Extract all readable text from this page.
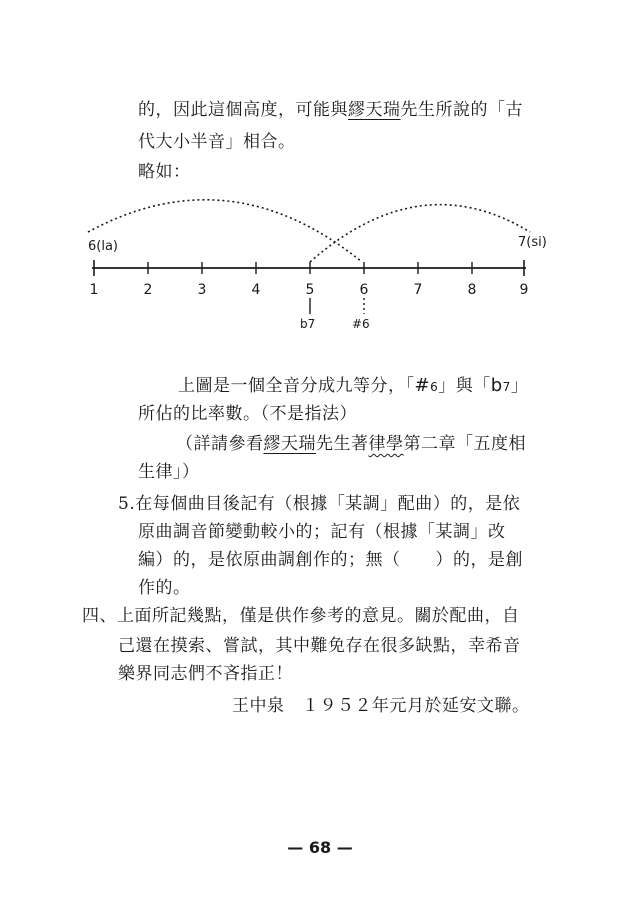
的，因此這個高度，可能與繆天瑞先生所說的「古
代大小半音」相合。
略如：
6(la)	7(si)
1	2	3	4	5	6	7	8	9
b7	#6
上圖是一個全音分成九等分，「#6」與「b7」
所佔的比率數。（不是指法）
（詳請參看繆天瑞先生著律學第二章「五度相
生律」）
5.在每個曲目後記有（根據「某調」配曲）的，是依
原曲調音節變動較小的；記有（根據「某調」改
編）的，是依原曲調創作的；無（　　）的，是創
作的。
四、上面所記幾點，僅是供作參考的意見。關於配曲，自
己還在摸索、嘗試，其中難免存在很多缺點，幸希音
樂界同志們不吝指正！
王中泉　１９５２年元月於延安文聯。
— 68 —
